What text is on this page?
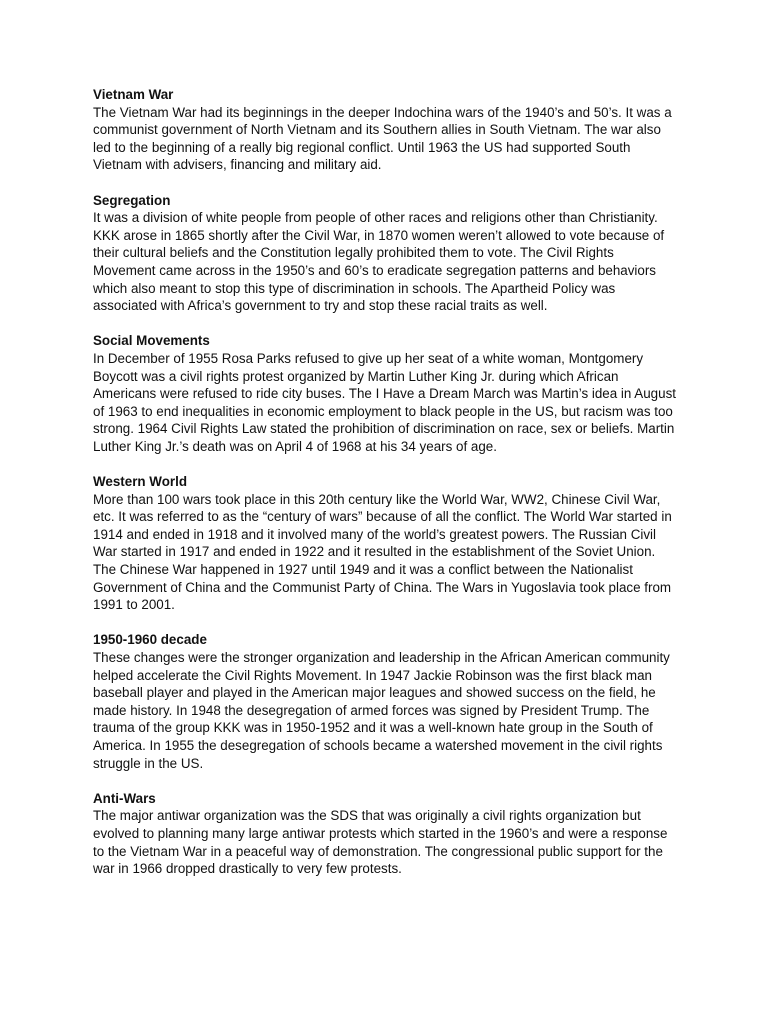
Vietnam War

The Vietnam War had its beginnings in the deeper Indochina wars of the 1940’s and 50’s. It was a communist government of North Vietnam and its Southern allies in South Vietnam. The war also led to the beginning of a really big regional conflict. Until 1963 the US had supported South Vietnam with advisers, financing and military aid.

Segregation

It was a division of white people from people of other races and religions other than Christianity. KKK arose in 1865 shortly after the Civil War, in 1870 women weren’t allowed to vote because of their cultural beliefs and the Constitution legally prohibited them to vote. The Civil Rights Movement came across in the 1950’s and 60’s to eradicate segregation patterns and behaviors which also meant to stop this type of discrimination in schools. The Apartheid Policy was associated with Africa’s government to try and stop these racial traits as well.

Social Movements

In December of 1955 Rosa Parks refused to give up her seat of a white woman, Montgomery Boycott was a civil rights protest organized by Martin Luther King Jr. during which African Americans were refused to ride city buses. The I Have a Dream March was Martin’s idea in August of 1963 to end inequalities in economic employment to black people in the US, but racism was too strong. 1964 Civil Rights Law stated the prohibition of discrimination on race, sex or beliefs. Martin Luther King Jr.’s death was on April 4 of 1968 at his 34 years of age.

Western World

More than 100 wars took place in this 20th century like the World War, WW2, Chinese Civil War, etc. It was referred to as the “century of wars” because of all the conflict. The World War started in 1914 and ended in 1918 and it involved many of the world’s greatest powers. The Russian Civil War started in 1917 and ended in 1922 and it resulted in the establishment of the Soviet Union. The Chinese War happened in 1927 until 1949 and it was a conflict between the Nationalist Government of China and the Communist Party of China. The Wars in Yugoslavia took place from 1991 to 2001.

1950-1960 decade

These changes were the stronger organization and leadership in the African American community helped accelerate the Civil Rights Movement. In 1947 Jackie Robinson was the first black man baseball player and played in the American major leagues and showed success on the field, he made history. In 1948 the desegregation of armed forces was signed by President Trump. The trauma of the group KKK was in 1950-1952 and it was a well-known hate group in the South of America. In 1955 the desegregation of schools became a watershed movement in the civil rights struggle in the US.

Anti-Wars

The major antiwar organization was the SDS that was originally a civil rights organization but evolved to planning many large antiwar protests which started in the 1960’s and were a response to the Vietnam War in a peaceful way of demonstration. The congressional public support for the war in 1966 dropped drastically to very few protests.
